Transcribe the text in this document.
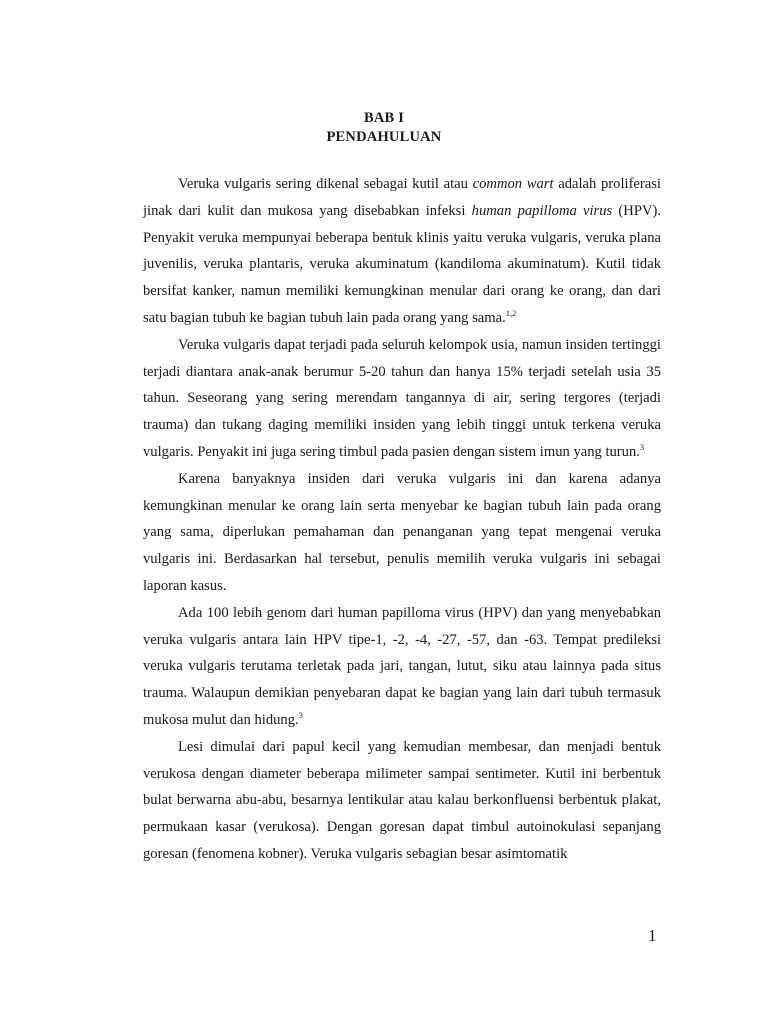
BAB I
PENDAHULUAN

Veruka vulgaris sering dikenal sebagai kutil atau common wart adalah proliferasi jinak dari kulit dan mukosa yang disebabkan infeksi human papilloma virus (HPV). Penyakit veruka mempunyai beberapa bentuk klinis yaitu veruka vulgaris, veruka plana juvenilis, veruka plantaris, veruka akuminatum (kandiloma akuminatum). Kutil tidak bersifat kanker, namun memiliki kemungkinan menular dari orang ke orang, dan dari satu bagian tubuh ke bagian tubuh lain pada orang yang sama.$^{1,2}$

Veruka vulgaris dapat terjadi pada seluruh kelompok usia, namun insiden tertinggi terjadi diantara anak-anak berumur 5-20 tahun dan hanya 15% terjadi setelah usia 35 tahun. Seseorang yang sering merendam tangannya di air, sering tergores (terjadi trauma) dan tukang daging memiliki insiden yang lebih tinggi untuk terkena veruka vulgaris. Penyakit ini juga sering timbul pada pasien dengan sistem imun yang turun.$^3$

Karena banyaknya insiden dari veruka vulgaris ini dan karena adanya kemungkinan menular ke orang lain serta menyebar ke bagian tubuh lain pada orang yang sama, diperlukan pemahaman dan penanganan yang tepat mengenai veruka vulgaris ini. Berdasarkan hal tersebut, penulis memilih veruka vulgaris ini sebagai laporan kasus.

Ada 100 lebih genom dari human papilloma virus (HPV) dan yang menyebabkan veruka vulgaris antara lain HPV tipe-1, -2, -4, -27, -57, dan -63. Tempat predileksi veruka vulgaris terutama terletak pada jari, tangan, lutut, siku atau lainnya pada situs trauma. Walaupun demikian penyebaran dapat ke bagian yang lain dari tubuh termasuk mukosa mulut dan hidung.$^3$

Lesi dimulai dari papul kecil yang kemudian membesar, dan menjadi bentuk verukosa dengan diameter beberapa milimeter sampai sentimeter. Kutil ini berbentuk bulat berwarna abu-abu, besarnya lentikular atau kalau berkonfluensi berbentuk plakat, permukaan kasar (verukosa). Dengan goresan dapat timbul autoinokulasi sepanjang goresan (fenomena kobner). Veruka vulgaris sebagian besar asimtomatik

1
